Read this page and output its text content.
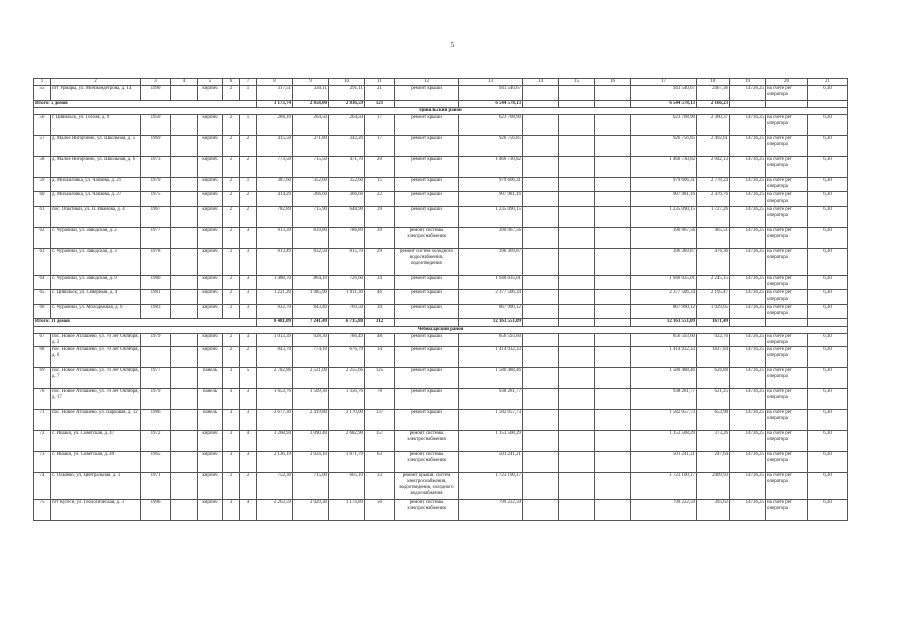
5
1	2	3	4	5	6	7	8	9	10	11	12	13	14	15	16	17	18	19	20	21
55	пгт Урмары, ул. Мичмандегрова, д. 14	1990		кирпич	2	1	317,51	330,11	291,11	21	ремонт крыши	941 540,67				941 540,67	2467,36	14736,25	на счете рег оператора	6,30
Итого: 5 домов							3 173,74	2 858,00	2 836,59	121		6 544 578,13				6 544 578,13	2 166,23			
Цивильский район																				
56	г. Цивильск, ул. Гоголя, д. 9	1950		кирпич	2	1	288,10	264,50	264,50	17	ремонт крыши	623 708,90				623 708,90	2 360,37	14736,25	на счете рег оператора	6,30
57	д. Малое Янгорчино, ул. Школьная, д. 5	1969		кирпич	2	2	415,50	371,80	342,20	17	ремонт крыши	926 756,85				926 756,85	2 492,61	14736,25	на счете рег оператора	6,30
58	д. Малое Янгорчино, ул. Школьная, д. 6	1973		кирпич	2	2	773,50	715,50	471,70	20	ремонт крыши	1 460 730,82				1 460 730,82	2 042,13	14736,25	на счете рег оператора	6,30
59	д. Михайловка, ул. Чапаева, д. 21	1970		кирпич	2	1	387,60	352,60	352,60	15	ремонт крыши	979 606,31				979 606,31	2 778,24	14736,25	на счете рег оператора	6,30
60	д. Михайловка, ул. Чапаева, д. 27	1975		кирпич	2	2	414,29	366,60	366,60	22	ремонт крыши	907 981,16				907 981,16	2 476,76	14736,25	на счете рег оператора	6,30
61	пос. Опытный, ул. П. Иванова, д. 4	1967		кирпич	2	2	782,89	715,90	648,90	39	ремонт крыши	1 235 090,15				1 235 090,15	1 727,26	14736,25	на счете рег оператора	6,30
62	с. Чурачики, ул. Заводская, д. 2	1977		кирпич	2	3	913,39	839,80	786,89	39	ремонт системы электроснабжения	390 067,56				390 067,56	465,51	14736,25	на счете рег оператора	6,30
63	с. Чурачики, ул. Заводская, д. 3	1978		кирпич	2	3	913,49	832,50	815,70	29	ремонт систем холодного водоснабжения, водоотведения	396 369,87				396 369,87	476,36	14736,25	на счете рег оператора	6,30
64	с. Чурачики, ул. Заводская, д. 9	1980		кирпич	2	3	1 488,70	864,10	726,60	34	ремонт крыши	1 940 035,01				1 940 035,01	2 245,15	14736,25	на счете рег оператора	6,30
65	с. Цивильск, ул. Северный, д. 4	1981		кирпич	2	3	1 221,20	1 085,90	1 011,30	46	ремонт крыши	2 377 506,34				2 377 506,34	2 195,47	14736,25	на счете рег оператора	6,30
66	с. Чурачики, ул. Молодежная, д. 6	1983		кирпич	2	3	932,70	843,40	769,50	39	ремонт крыши	867 990,12				867 990,12	1 029,05	14736,25	на счете рег оператора	6,30
Итого: 11 домов							8 481,09	7 241,49	6 715,80	312		12 163 551,09				12 163 551,09	1671,49			
Чебоксарский район																				
67	пос. Новое Атлашево, ул. 70 лет Октября, д. 2	1979		кирпич	2	3	1 013,39	928,30	786,49	48	ремонт крыши	856 593,60				856 593,60	922,76	14736,25	на счете рег оператора	6,30
68	пос. Новое Атлашево, ул. 70 лет Октября, д. 6			кирпич	2	2	843,70	774,10	676,79	34	ремонт крыши	1 414 932,33				1 414 932,33	1827,84	14736,25	на счете рег оператора	6,30
69	пос. Новое Атлашево, ул. 70 лет Октября, д. 7	1977		панель	3	5	2 782,86	2 521,09	2 255,66	125	ремонт крыши	1 580 488,46				1 580 488,46	626,88	14736,25	на счете рег оператора	6,30
70	пос. Новое Атлашево, ул. 70 лет Октября, д. 17	1979		панель	3	3	1 653,76	1 509,30	1 356,76	78	ремонт крыши	938 281,77				938 281,77	621,25	14736,25	на счете рег оператора	6,30
71	пос. Новое Атлашево, ул. Парковая, д. 12	1986		панель	3	3	2 677,30	2 419,80	2 170,00	137	ремонт крыши	1 582 057,73				1 582 057,73	653,98	14736,25	на счете рег оператора	6,30
72	с. Ишаки, ул. Советская, д. 47	1972		кирпич	3	4	3 268,94	3 090,40	2 682,90	157	ремонт системы электроснабжения	1 153 508,29				1 153 508,29	373,26	14736,25	на счете рег оператора	6,30
73	с. Ишаки, ул. Советская, д. 49	1965		кирпич	3	3	2 136,19	2 024,10	1 871,79	63	ремонт системы электроснабжения	501 241,21				501 241,21	247,64	14736,25	на счете рег оператора	6,30
74	с. Ольчево, ул. Центральная, д. 3	1971		кирпич	2	2	752,30	715,00	665,10	33	ремонт крыши, систем электроснабжения, водоотведения, холодного водоснабжения	1 723 100,17				1 723 100,17	2409,93	14736,25	на счете рег оператора	6,30
75	пгт Кугеси, ул. Геологическая, д. 3	1996		кирпич	3	4	2 263,59	2 029,30	1 174,89	56	ремонт системы электроснабжения	799 222,59				799 222,59	395,62	14736,25	на счете рег оператора	6,30
